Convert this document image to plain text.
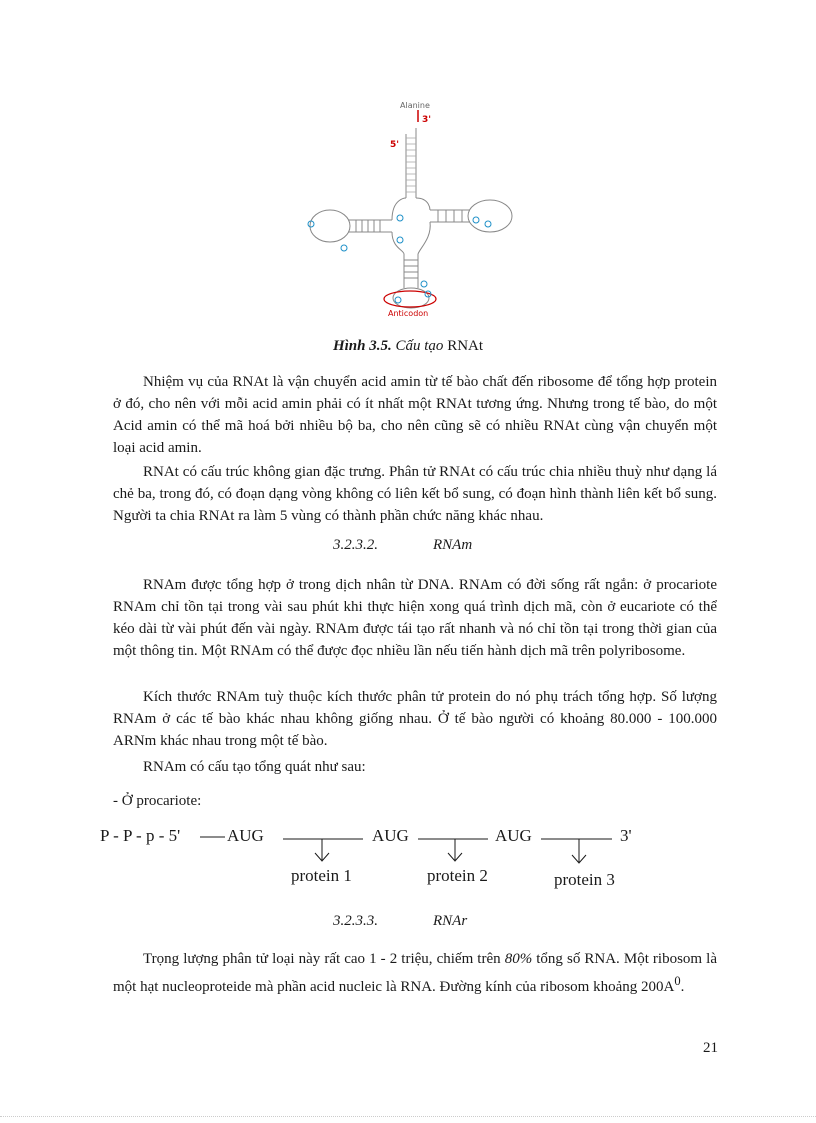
Alanine
3'
5'
Anticodon
Hình 3.5. Cấu tạo RNAt

Nhiệm vụ của RNAt là vận chuyển acid amin từ tế bào chất đến ribosome để tổng hợp protein ở đó, cho nên với mỗi acid amin phải có ít nhất một RNAt tương ứng. Nhưng trong tế bào, do một Acid amin có thể mã hoá bởi nhiều bộ ba, cho nên cũng sẽ có nhiều RNAt cùng vận chuyển một loại acid amin.

RNAt có cấu trúc không gian đặc trưng. Phân tử RNAt có cấu trúc chia nhiều thuỳ như dạng lá chẻ ba, trong đó, có đoạn dạng vòng không có liên kết bổ sung, có đoạn hình thành liên kết bổ sung. Người ta chia RNAt ra làm 5 vùng có thành phần chức năng khác nhau.

3.2.3.2.	RNAm

RNAm được tổng hợp ở trong dịch nhân từ DNA. RNAm có đời sống rất ngắn: ở procariote RNAm chỉ tồn tại trong vài sau phút khi thực hiện xong quá trình dịch mã, còn ở eucariote có thể kéo dài từ vài phút đến vài ngày. RNAm được tái tạo rất nhanh và nó chỉ tồn tại trong thời gian của một thông tin. Một RNAm có thể được đọc nhiều lần nếu tiến hành dịch mã trên polyribosome.

Kích thước RNAm tuỳ thuộc kích thước phân tử protein do nó phụ trách tổng hợp. Số lượng RNAm ở các tế bào khác nhau không giống nhau. Ở tế bào người có khoảng 80.000 - 100.000 ARNm khác nhau trong một tế bào.

RNAm có cấu tạo tổng quát như sau:

- Ở procariote:

P - P - p - 5'	AUG	AUG	AUG	3'
protein 1	protein 2	protein 3
3.2.3.3.	RNAr

Trọng lượng phân tử loại này rất cao 1 - 2 triệu, chiếm trên 80% tổng số RNA. Một ribosom là một hạt nucleoproteide mà phần acid nucleic là RNA. Đường kính của ribosom khoảng $200A^0$.

21
